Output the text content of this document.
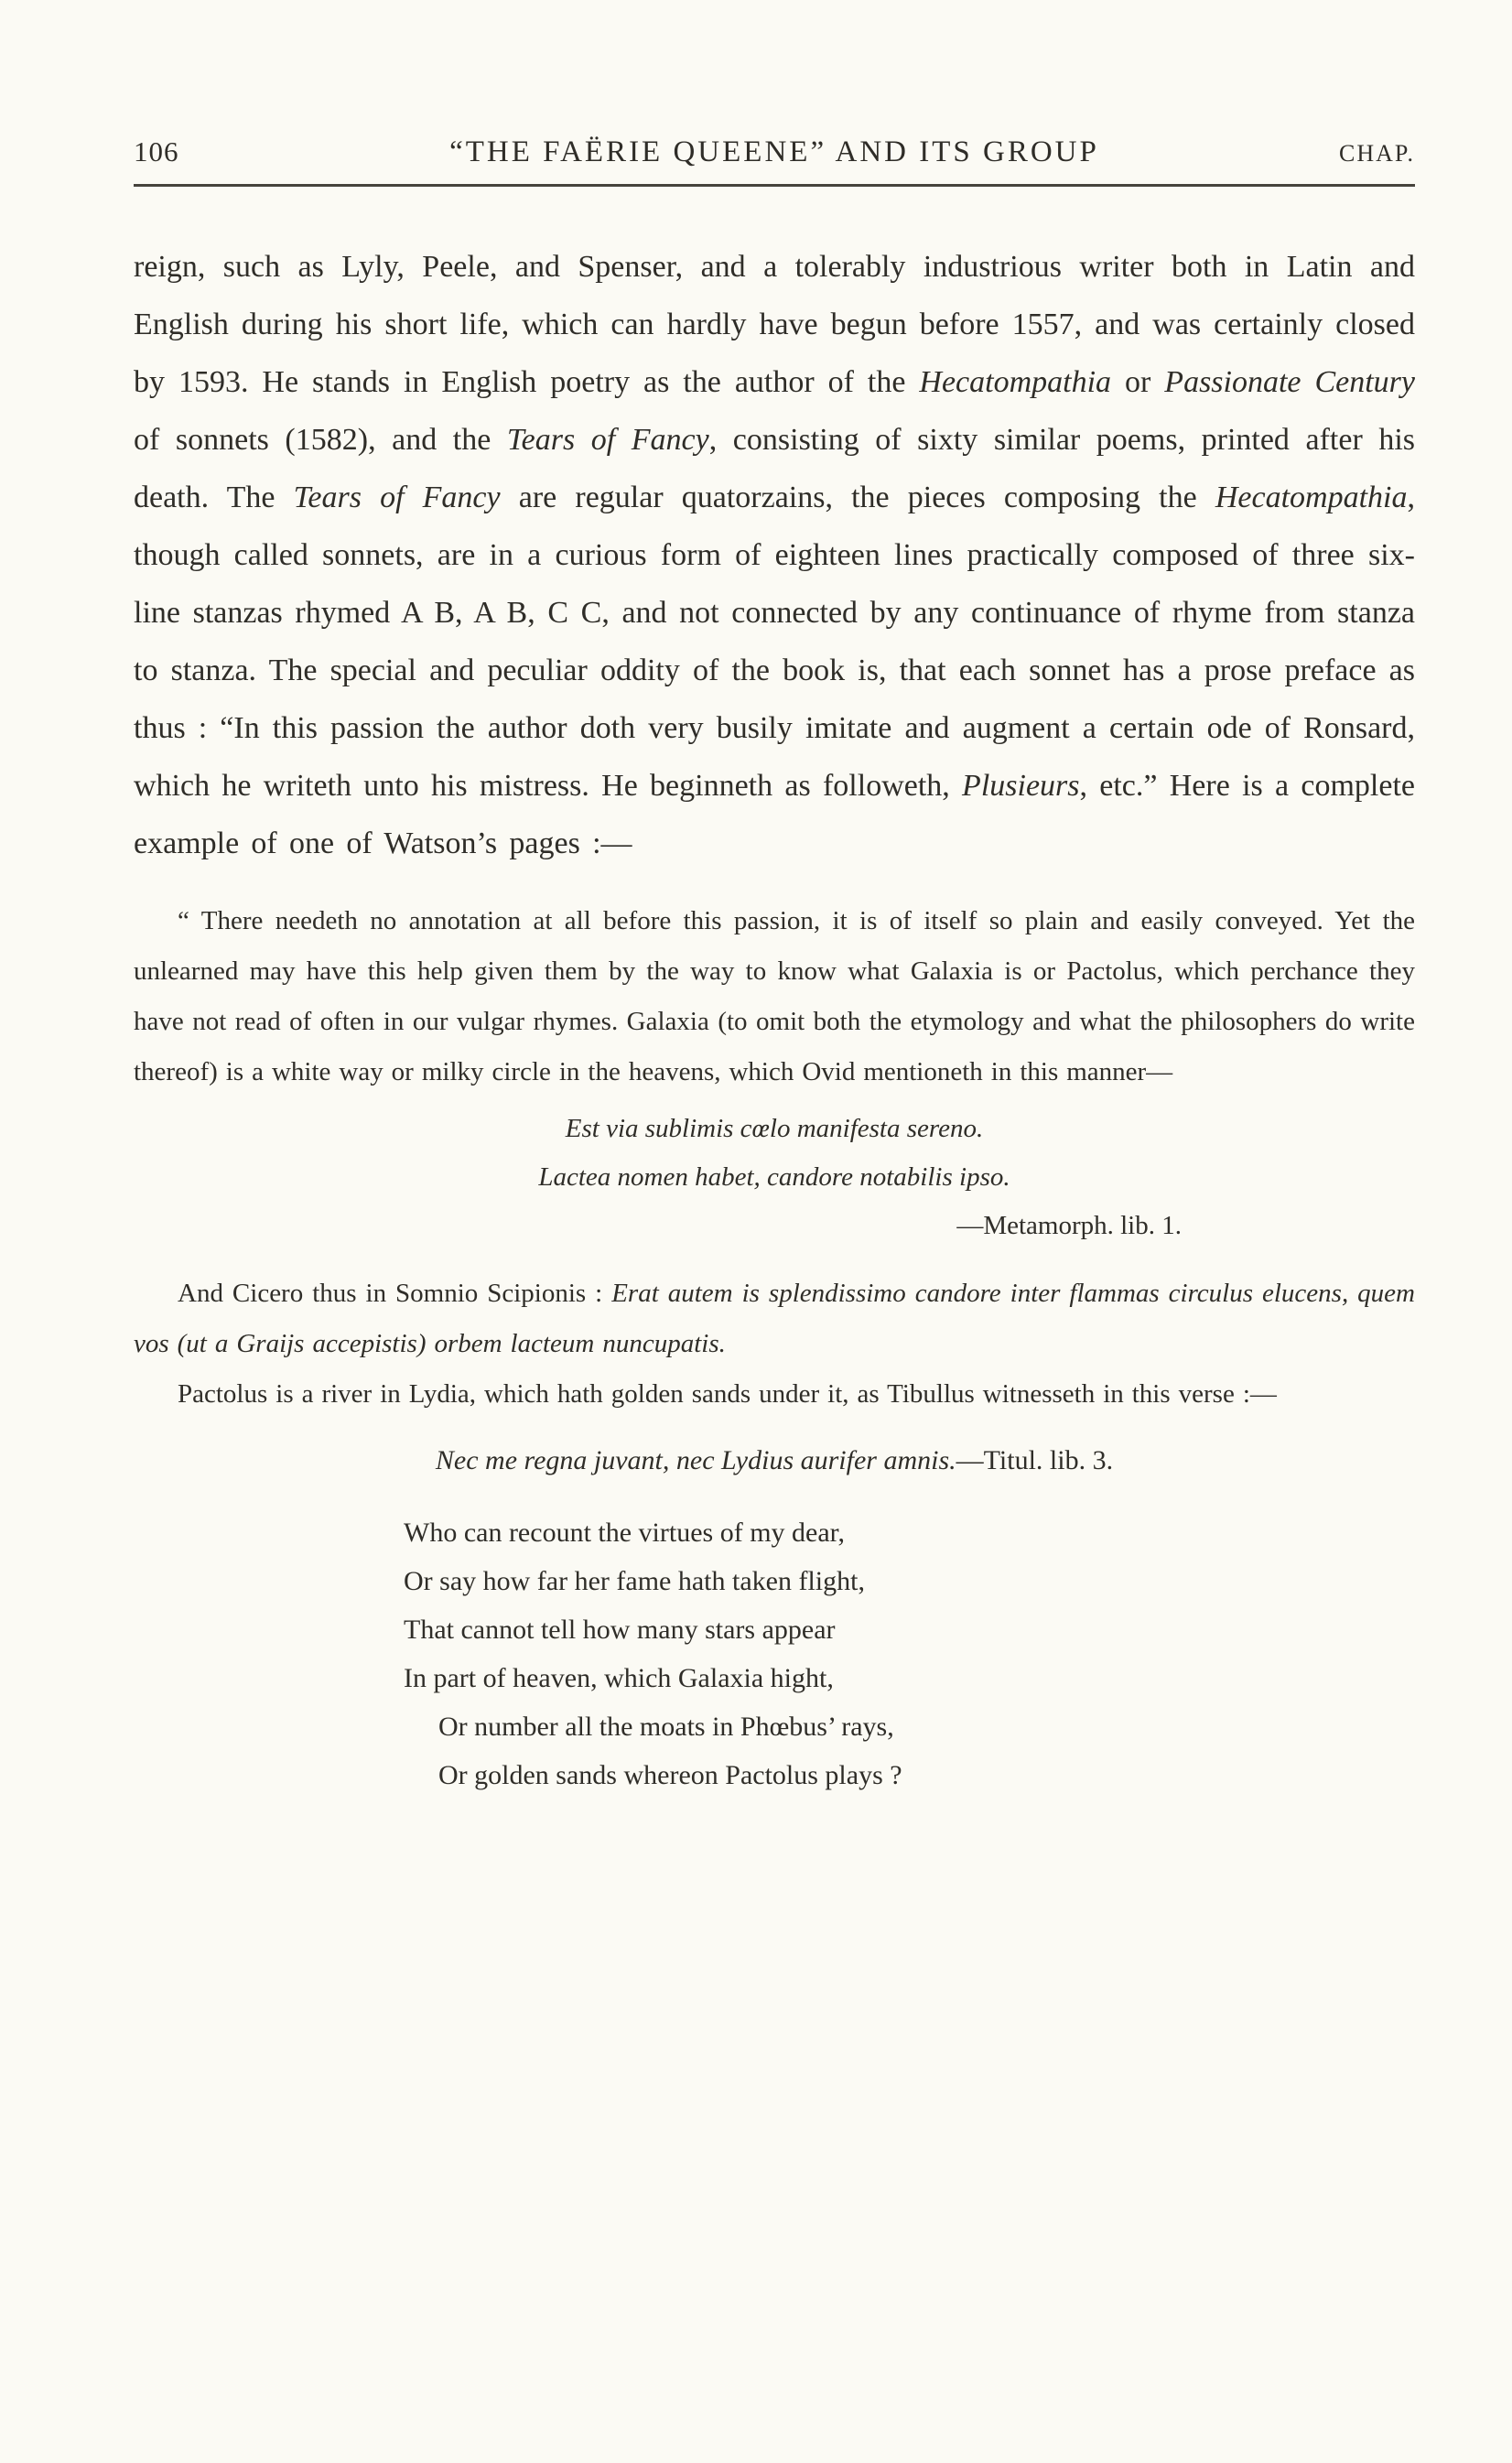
106	“THE FAËRIE QUEENE” AND ITS GROUP	CHAP.

reign, such as Lyly, Peele, and Spenser, and a tolerably industrious writer both in Latin and English during his short life, which can hardly have begun before 1557, and was certainly closed by 1593. He stands in English poetry as the author of the Hecatompathia or Passionate Century of sonnets (1582), and the Tears of Fancy, consisting of sixty similar poems, printed after his death. The Tears of Fancy are regular quatorzains, the pieces composing the Hecatompathia, though called sonnets, are in a curious form of eighteen lines practically composed of three six-line stanzas rhymed A B, A B, C C, and not connected by any continuance of rhyme from stanza to stanza. The special and peculiar oddity of the book is, that each sonnet has a prose preface as thus : “In this passion the author doth very busily imitate and augment a certain ode of Ronsard, which he writeth unto his mistress. He beginneth as followeth, Plusieurs, etc.” Here is a complete example of one of Watson’s pages :—

“ There needeth no annotation at all before this passion, it is of itself so plain and easily conveyed. Yet the unlearned may have this help given them by the way to know what Galaxia is or Pactolus, which perchance they have not read of often in our vulgar rhymes. Galaxia (to omit both the etymology and what the philosophers do write thereof) is a white way or milky circle in the heavens, which Ovid mentioneth in this manner—

Est via sublimis cœlo manifesta sereno.
Lactea nomen habet, candore notabilis ipso.
—Metamorph. lib. 1.

And Cicero thus in Somnio Scipionis : Erat autem is splendissimo candore inter flammas circulus elucens, quem vos (ut a Graijs accepistis) orbem lacteum nuncupatis.

Pactolus is a river in Lydia, which hath golden sands under it, as Tibullus witnesseth in this verse :—

Nec me regna juvant, nec Lydius aurifer amnis.—Titul. lib. 3.
Who can recount the virtues of my dear,
Or say how far her fame hath taken flight,
That cannot tell how many stars appear
In part of heaven, which Galaxia hight,
Or number all the moats in Phœbus’ rays,
Or golden sands whereon Pactolus plays ?
